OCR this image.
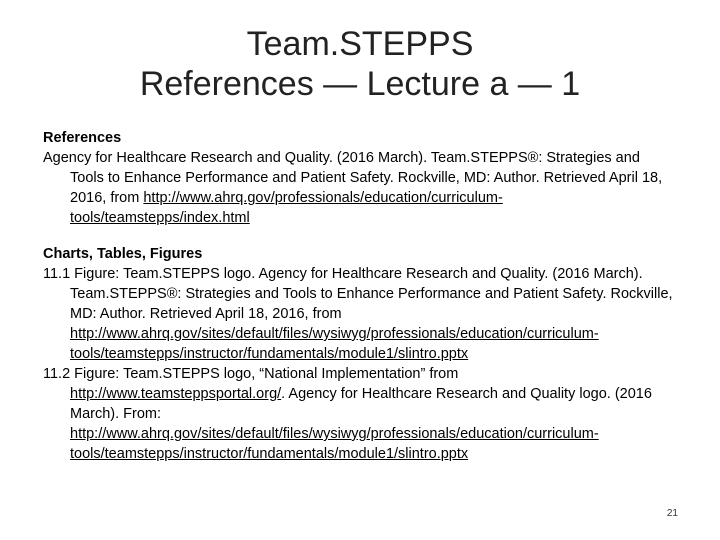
Team.STEPPS
References — Lecture a — 1
References
Agency for Healthcare Research and Quality. (2016 March). Team.STEPPS®: Strategies and Tools to Enhance Performance and Patient Safety. Rockville, MD: Author. Retrieved April 18, 2016, from http://www.ahrq.gov/professionals/education/curriculum-tools/teamstepps/index.html
Charts, Tables, Figures
11.1 Figure: Team.STEPPS logo. Agency for Healthcare Research and Quality. (2016 March). Team.STEPPS®: Strategies and Tools to Enhance Performance and Patient Safety. Rockville, MD: Author. Retrieved April 18, 2016, from http://www.ahrq.gov/sites/default/files/wysiwyg/professionals/education/curriculum-tools/teamstepps/instructor/fundamentals/module1/slintro.pptx
11.2 Figure: Team.STEPPS logo, “National Implementation” from http://www.teamsteppsportal.org/. Agency for Healthcare Research and Quality logo. (2016 March). From: http://www.ahrq.gov/sites/default/files/wysiwyg/professionals/education/curriculum-tools/teamstepps/instructor/fundamentals/module1/slintro.pptx
21
